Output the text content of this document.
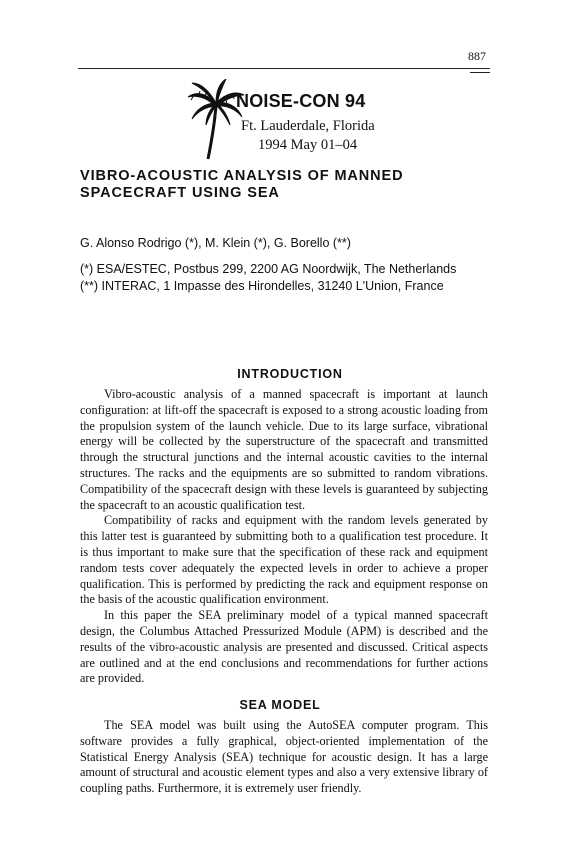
887
NOISE-CON 94
Ft. Lauderdale, Florida
1994 May 01–04
VIBRO-ACOUSTIC ANALYSIS OF MANNED
SPACECRAFT USING SEA
G. Alonso Rodrigo (*), M. Klein (*), G. Borello (**)
(*) ESA/ESTEC, Postbus 299, 2200 AG Noordwijk, The Netherlands
(**) INTERAC, 1 Impasse des Hirondelles, 31240 L'Union, France
INTRODUCTION

Vibro-acoustic analysis of a manned spacecraft is important at launch configuration: at lift-off the spacecraft is exposed to a strong acoustic loading from the propulsion system of the launch vehicle. Due to its large surface, vibrational energy will be collected by the superstructure of the spacecraft and transmitted through the structural junctions and the internal acoustic cavities to the internal structures. The racks and the equipments are so submitted to random vibrations. Compatibility of the spacecraft design with these levels is guaranteed by subjecting the spacecraft to an acoustic qualification test.

Compatibility of racks and equipment with the random levels generated by this latter test is guaranteed by submitting both to a qualification test procedure. It is thus important to make sure that the specification of these rack and equipment random tests cover adequately the expected levels in order to achieve a proper qualification. This is performed by predicting the rack and equipment response on the basis of the acoustic qualification environment.

In this paper the SEA preliminary model of a typical manned spacecraft design, the Columbus Attached Pressurized Module (APM) is described and the results of the vibro-acoustic analysis are presented and discussed. Critical aspects are outlined and at the end conclusions and recommendations for further actions are provided.

SEA MODEL

The SEA model was built using the AutoSEA computer program. This software provides a fully graphical, object-oriented implementation of the Statistical Energy Analysis (SEA) technique for acoustic design. It has a large amount of structural and acoustic element types and also a very extensive library of coupling paths. Furthermore, it is extremely user friendly.
